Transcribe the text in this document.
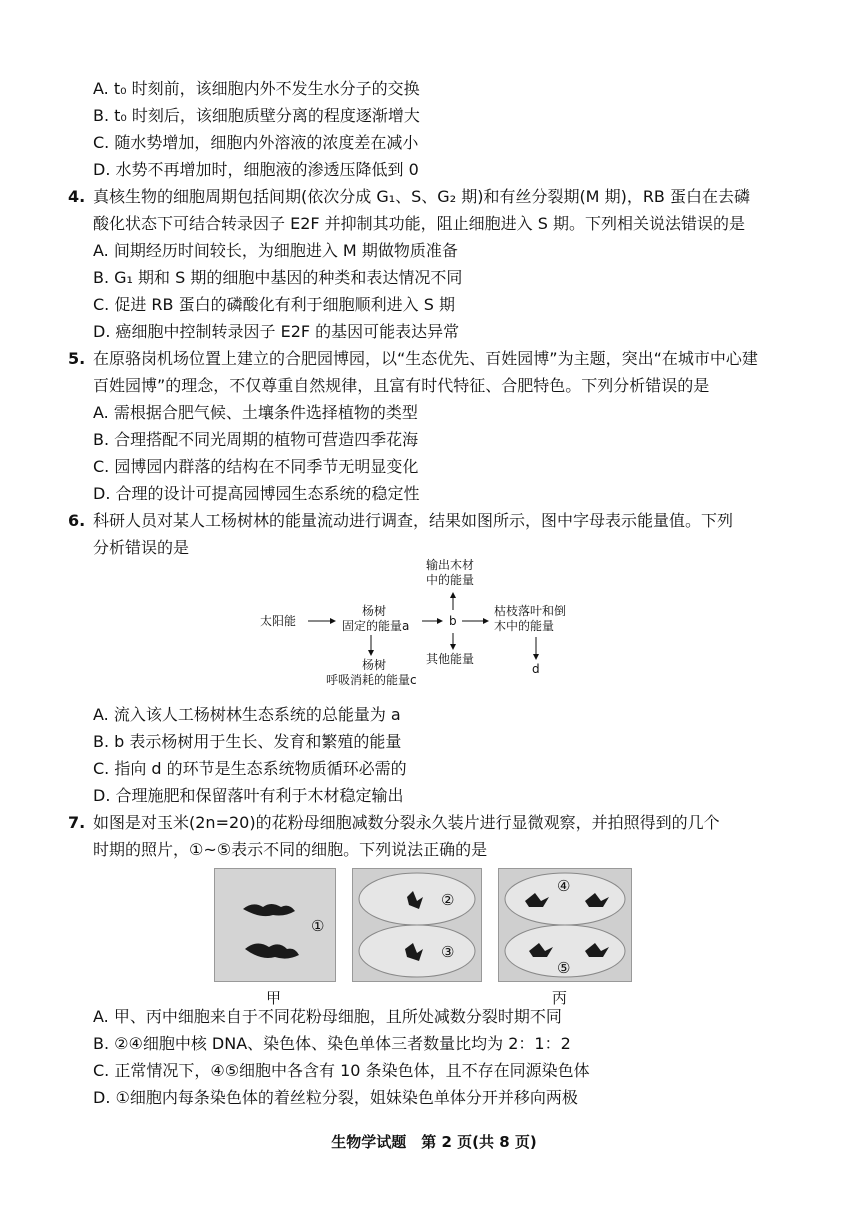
A. t₀ 时刻前，该细胞内外不发生水分子的交换
B. t₀ 时刻后，该细胞质壁分离的程度逐渐增大
C. 随水势增加，细胞内外溶液的浓度差在减小
D. 水势不再增加时，细胞液的渗透压降低到 0
4. 真核生物的细胞周期包括间期(依次分成 G₁、S、G₂ 期)和有丝分裂期(M 期)，RB 蛋白在去磷
酸化状态下可结合转录因子 E2F 并抑制其功能，阻止细胞进入 S 期。下列相关说法错误的是
A. 间期经历时间较长，为细胞进入 M 期做物质准备
B. G₁ 期和 S 期的细胞中基因的种类和表达情况不同
C. 促进 RB 蛋白的磷酸化有利于细胞顺利进入 S 期
D. 癌细胞中控制转录因子 E2F 的基因可能表达异常
5. 在原骆岗机场位置上建立的合肥园博园，以“生态优先、百姓园博”为主题，突出“在城市中心建
百姓园博”的理念，不仅尊重自然规律，且富有时代特征、合肥特色。下列分析错误的是
A. 需根据合肥气候、土壤条件选择植物的类型
B. 合理搭配不同光周期的植物可营造四季花海
C. 园博园内群落的结构在不同季节无明显变化
D. 合理的设计可提高园博园生态系统的稳定性
6. 科研人员对某人工杨树林的能量流动进行调查，结果如图所示，图中字母表示能量值。下列
分析错误的是
太阳能
杨树
固定的能量a	b
枯枝落叶和倒
木中的能量
输出木材
中的能量
其他能量
杨树
呼吸消耗的能量c
d
A. 流入该人工杨树林生态系统的总能量为 a
B. b 表示杨树用于生长、发育和繁殖的能量
C. 指向 d 的环节是生态系统物质循环必需的
D. 合理施肥和保留落叶有利于木材稳定输出
7. 如图是对玉米(2n=20)的花粉母细胞减数分裂永久装片进行显微观察，并拍照得到的几个
时期的照片，①~⑤表示不同的细胞。下列说法正确的是
①
②
③
④
⑤
甲	丙
A. 甲、丙中细胞来自于不同花粉母细胞，且所处减数分裂时期不同
B. ②④细胞中核 DNA、染色体、染色单体三者数量比均为 2：1：2
C. 正常情况下，④⑤细胞中各含有 10 条染色体，且不存在同源染色体
D. ①细胞内每条染色体的着丝粒分裂，姐妹染色单体分开并移向两极
生物学试题　第 2 页(共 8 页)
